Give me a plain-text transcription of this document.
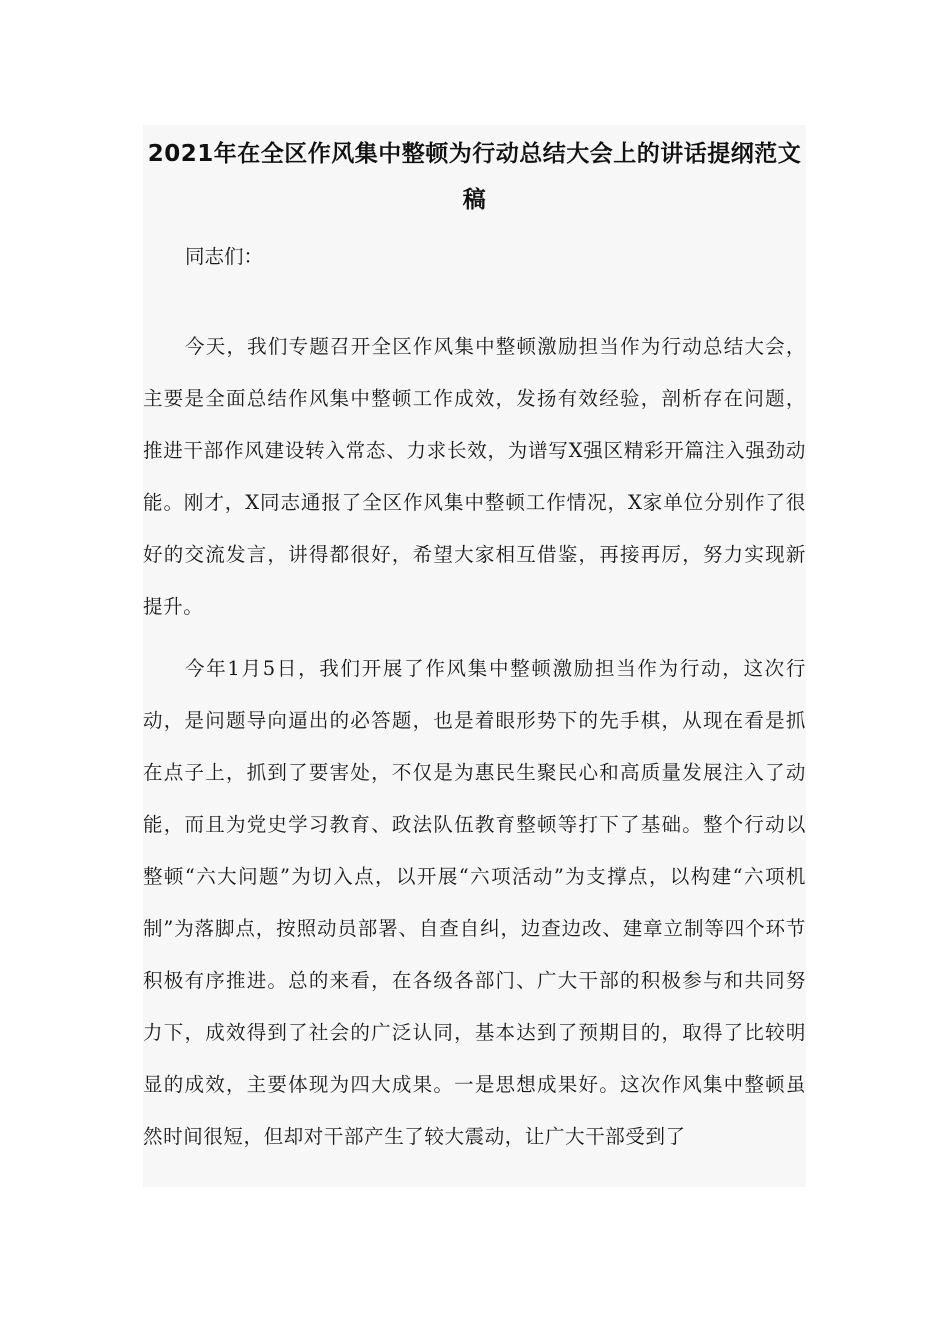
2021年在全区作风集中整顿为行动总结大会上的讲话提纲范文稿

同志们：

今天，我们专题召开全区作风集中整顿激励担当作为行动总结大会，主要是全面总结作风集中整顿工作成效，发扬有效经验，剖析存在问题，推进干部作风建设转入常态、力求长效，为谱写X强区精彩开篇注入强劲动能。刚才，X同志通报了全区作风集中整顿工作情况，X家单位分别作了很好的交流发言，讲得都很好，希望大家相互借鉴，再接再厉，努力实现新提升。

今年1月5日，我们开展了作风集中整顿激励担当作为行动，这次行动，是问题导向逼出的必答题，也是着眼形势下的先手棋，从现在看是抓在点子上，抓到了要害处，不仅是为惠民生聚民心和高质量发展注入了动能，而且为党史学习教育、政法队伍教育整顿等打下了基础。整个行动以整顿“六大问题”为切入点，以开展“六项活动”为支撑点，以构建“六项机制”为落脚点，按照动员部署、自查自纠，边查边改、建章立制等四个环节积极有序推进。总的来看，在各级各部门、广大干部的积极参与和共同努力下，成效得到了社会的广泛认同，基本达到了预期目的，取得了比较明显的成效，主要体现为四大成果。一是思想成果好。这次作风集中整顿虽然时间很短，但却对干部产生了较大震动，让广大干部受到了
